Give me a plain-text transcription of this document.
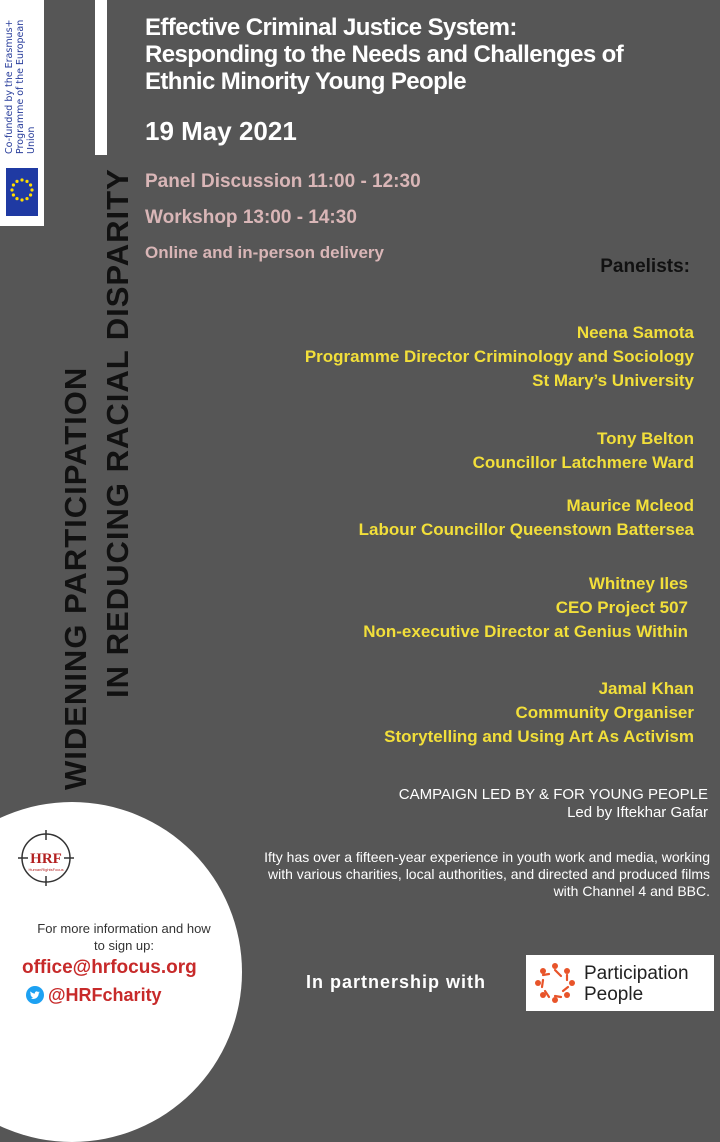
Co-funded by the Erasmus+ Programme of the European Union
Effective Criminal Justice System:
Responding to the Needs and Challenges of
Ethnic Minority Young People
19 May 2021
Panel Discussion 11:00 - 12:30
Workshop 13:00 - 14:30
Online and in-person delivery
WIDENING PARTICIPATION IN REDUCING RACIAL DISPARITY	Panelists:
Neena Samota
Programme Director Criminology and Sociology
St Mary’s University
Tony Belton
Councillor Latchmere Ward
Maurice Mcleod
Labour Councillor Queenstown Battersea
Whitney Iles
CEO Project 507
Non-executive Director at Genius Within
Jamal Khan
Community Organiser
Storytelling and Using Art As Activism
CAMPAIGN LED BY & FOR YOUNG PEOPLE
Led by Iftekhar Gafar
Ifty has over a fifteen-year experience in youth work and media, working with various charities, local authorities, and directed and produced films with Channel 4 and BBC.
HRF
HumanRightsFocus
For more information and how
to sign up:
office@hrfocus.org
@HRFcharity
In partnership with	Participation
People
